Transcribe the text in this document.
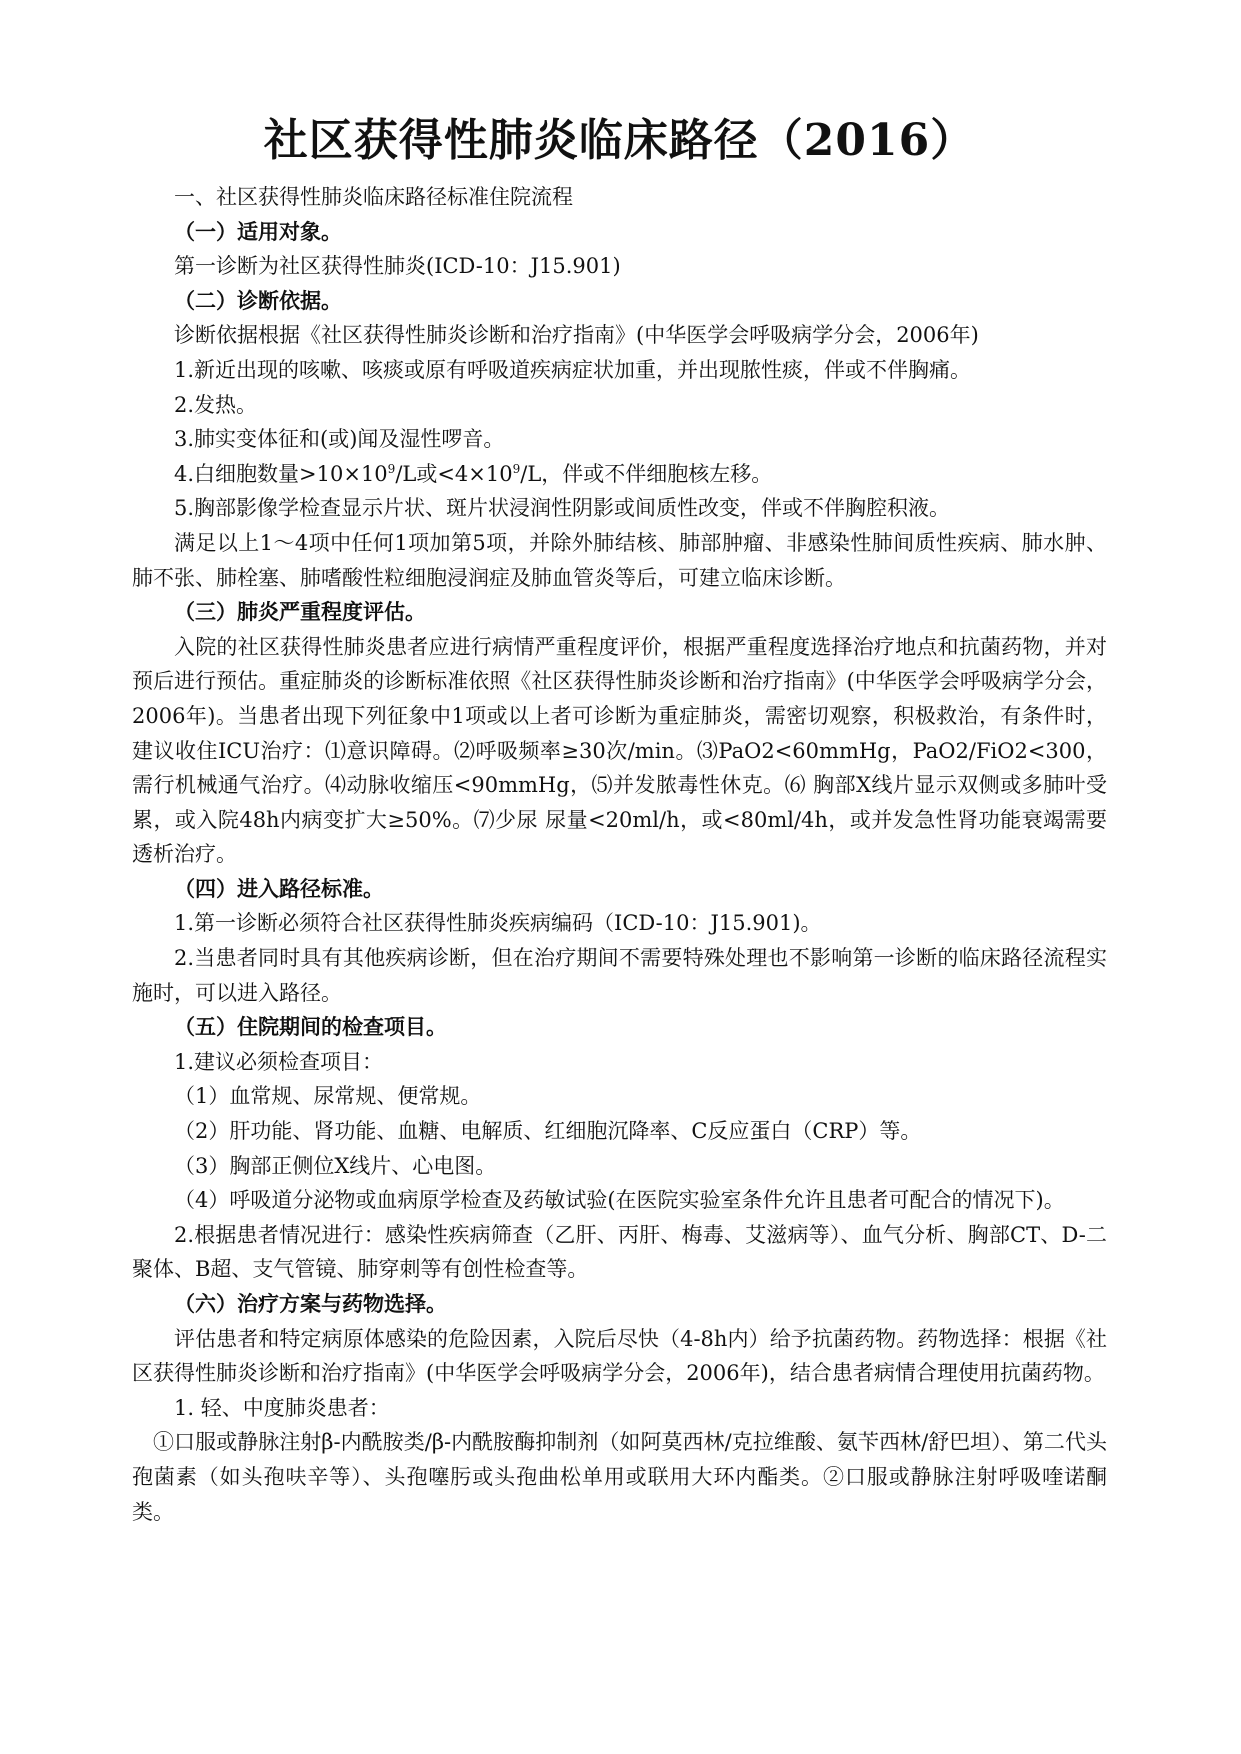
社区获得性肺炎临床路径（2016）

一、社区获得性肺炎临床路径标准住院流程

（一）适用对象。

第一诊断为社区获得性肺炎(ICD-10：J15.901)

（二）诊断依据。

诊断依据根据《社区获得性肺炎诊断和治疗指南》(中华医学会呼吸病学分会，2006年)

1.新近出现的咳嗽、咳痰或原有呼吸道疾病症状加重，并出现脓性痰，伴或不伴胸痛。

2.发热。

3.肺实变体征和(或)闻及湿性啰音。

4.白细胞数量$>10\times 10^9/L$或$<4\times 10^9/L$，伴或不伴细胞核左移。

5.胸部影像学检查显示片状、斑片状浸润性阴影或间质性改变，伴或不伴胸腔积液。

满足以上1～4项中任何1项加第5项，并除外肺结核、肺部肿瘤、非感染性肺间质性疾病、肺水肿、肺不张、肺栓塞、肺嗜酸性粒细胞浸润症及肺血管炎等后，可建立临床诊断。

（三）肺炎严重程度评估。

入院的社区获得性肺炎患者应进行病情严重程度评价，根据严重程度选择治疗地点和抗菌药物，并对预后进行预估。重症肺炎的诊断标准依照《社区获得性肺炎诊断和治疗指南》(中华医学会呼吸病学分会，2006年)。当患者出现下列征象中1项或以上者可诊断为重症肺炎，需密切观察，积极救治，有条件时，建议收住ICU治疗：⑴意识障碍。⑵呼吸频率≥30次/min。⑶PaO2<60mmHg，PaO2/FiO2<300，需行机械通气治疗。⑷动脉收缩压<90mmHg，⑸并发脓毒性休克。⑹ 胸部X线片显示双侧或多肺叶受累，或入院48h内病变扩大≥50%。⑺少尿 尿量<20ml/h，或<80ml/4h，或并发急性肾功能衰竭需要透析治疗。

（四）进入路径标准。

1.第一诊断必须符合社区获得性肺炎疾病编码（ICD-10：J15.901)。

2.当患者同时具有其他疾病诊断，但在治疗期间不需要特殊处理也不影响第一诊断的临床路径流程实施时，可以进入路径。

（五）住院期间的检查项目。

1.建议必须检查项目：

（1）血常规、尿常规、便常规。

（2）肝功能、肾功能、血糖、电解质、红细胞沉降率、C反应蛋白（CRP）等。

（3）胸部正侧位X线片、心电图。

（4）呼吸道分泌物或血病原学检查及药敏试验(在医院实验室条件允许且患者可配合的情况下)。

2.根据患者情况进行：感染性疾病筛查（乙肝、丙肝、梅毒、艾滋病等）、血气分析、胸部CT、D-二聚体、B超、支气管镜、肺穿刺等有创性检查等。

（六）治疗方案与药物选择。

评估患者和特定病原体感染的危险因素，入院后尽快（4-8h内）给予抗菌药物。药物选择：根据《社区获得性肺炎诊断和治疗指南》(中华医学会呼吸病学分会，2006年)，结合患者病情合理使用抗菌药物。

1. 轻、中度肺炎患者：

①口服或静脉注射β-内酰胺类/β-内酰胺酶抑制剂（如阿莫西林/克拉维酸、氨苄西林/舒巴坦）、第二代头孢菌素（如头孢呋辛等）、头孢噻肟或头孢曲松单用或联用大环内酯类。②口服或静脉注射呼吸喹诺酮类。
